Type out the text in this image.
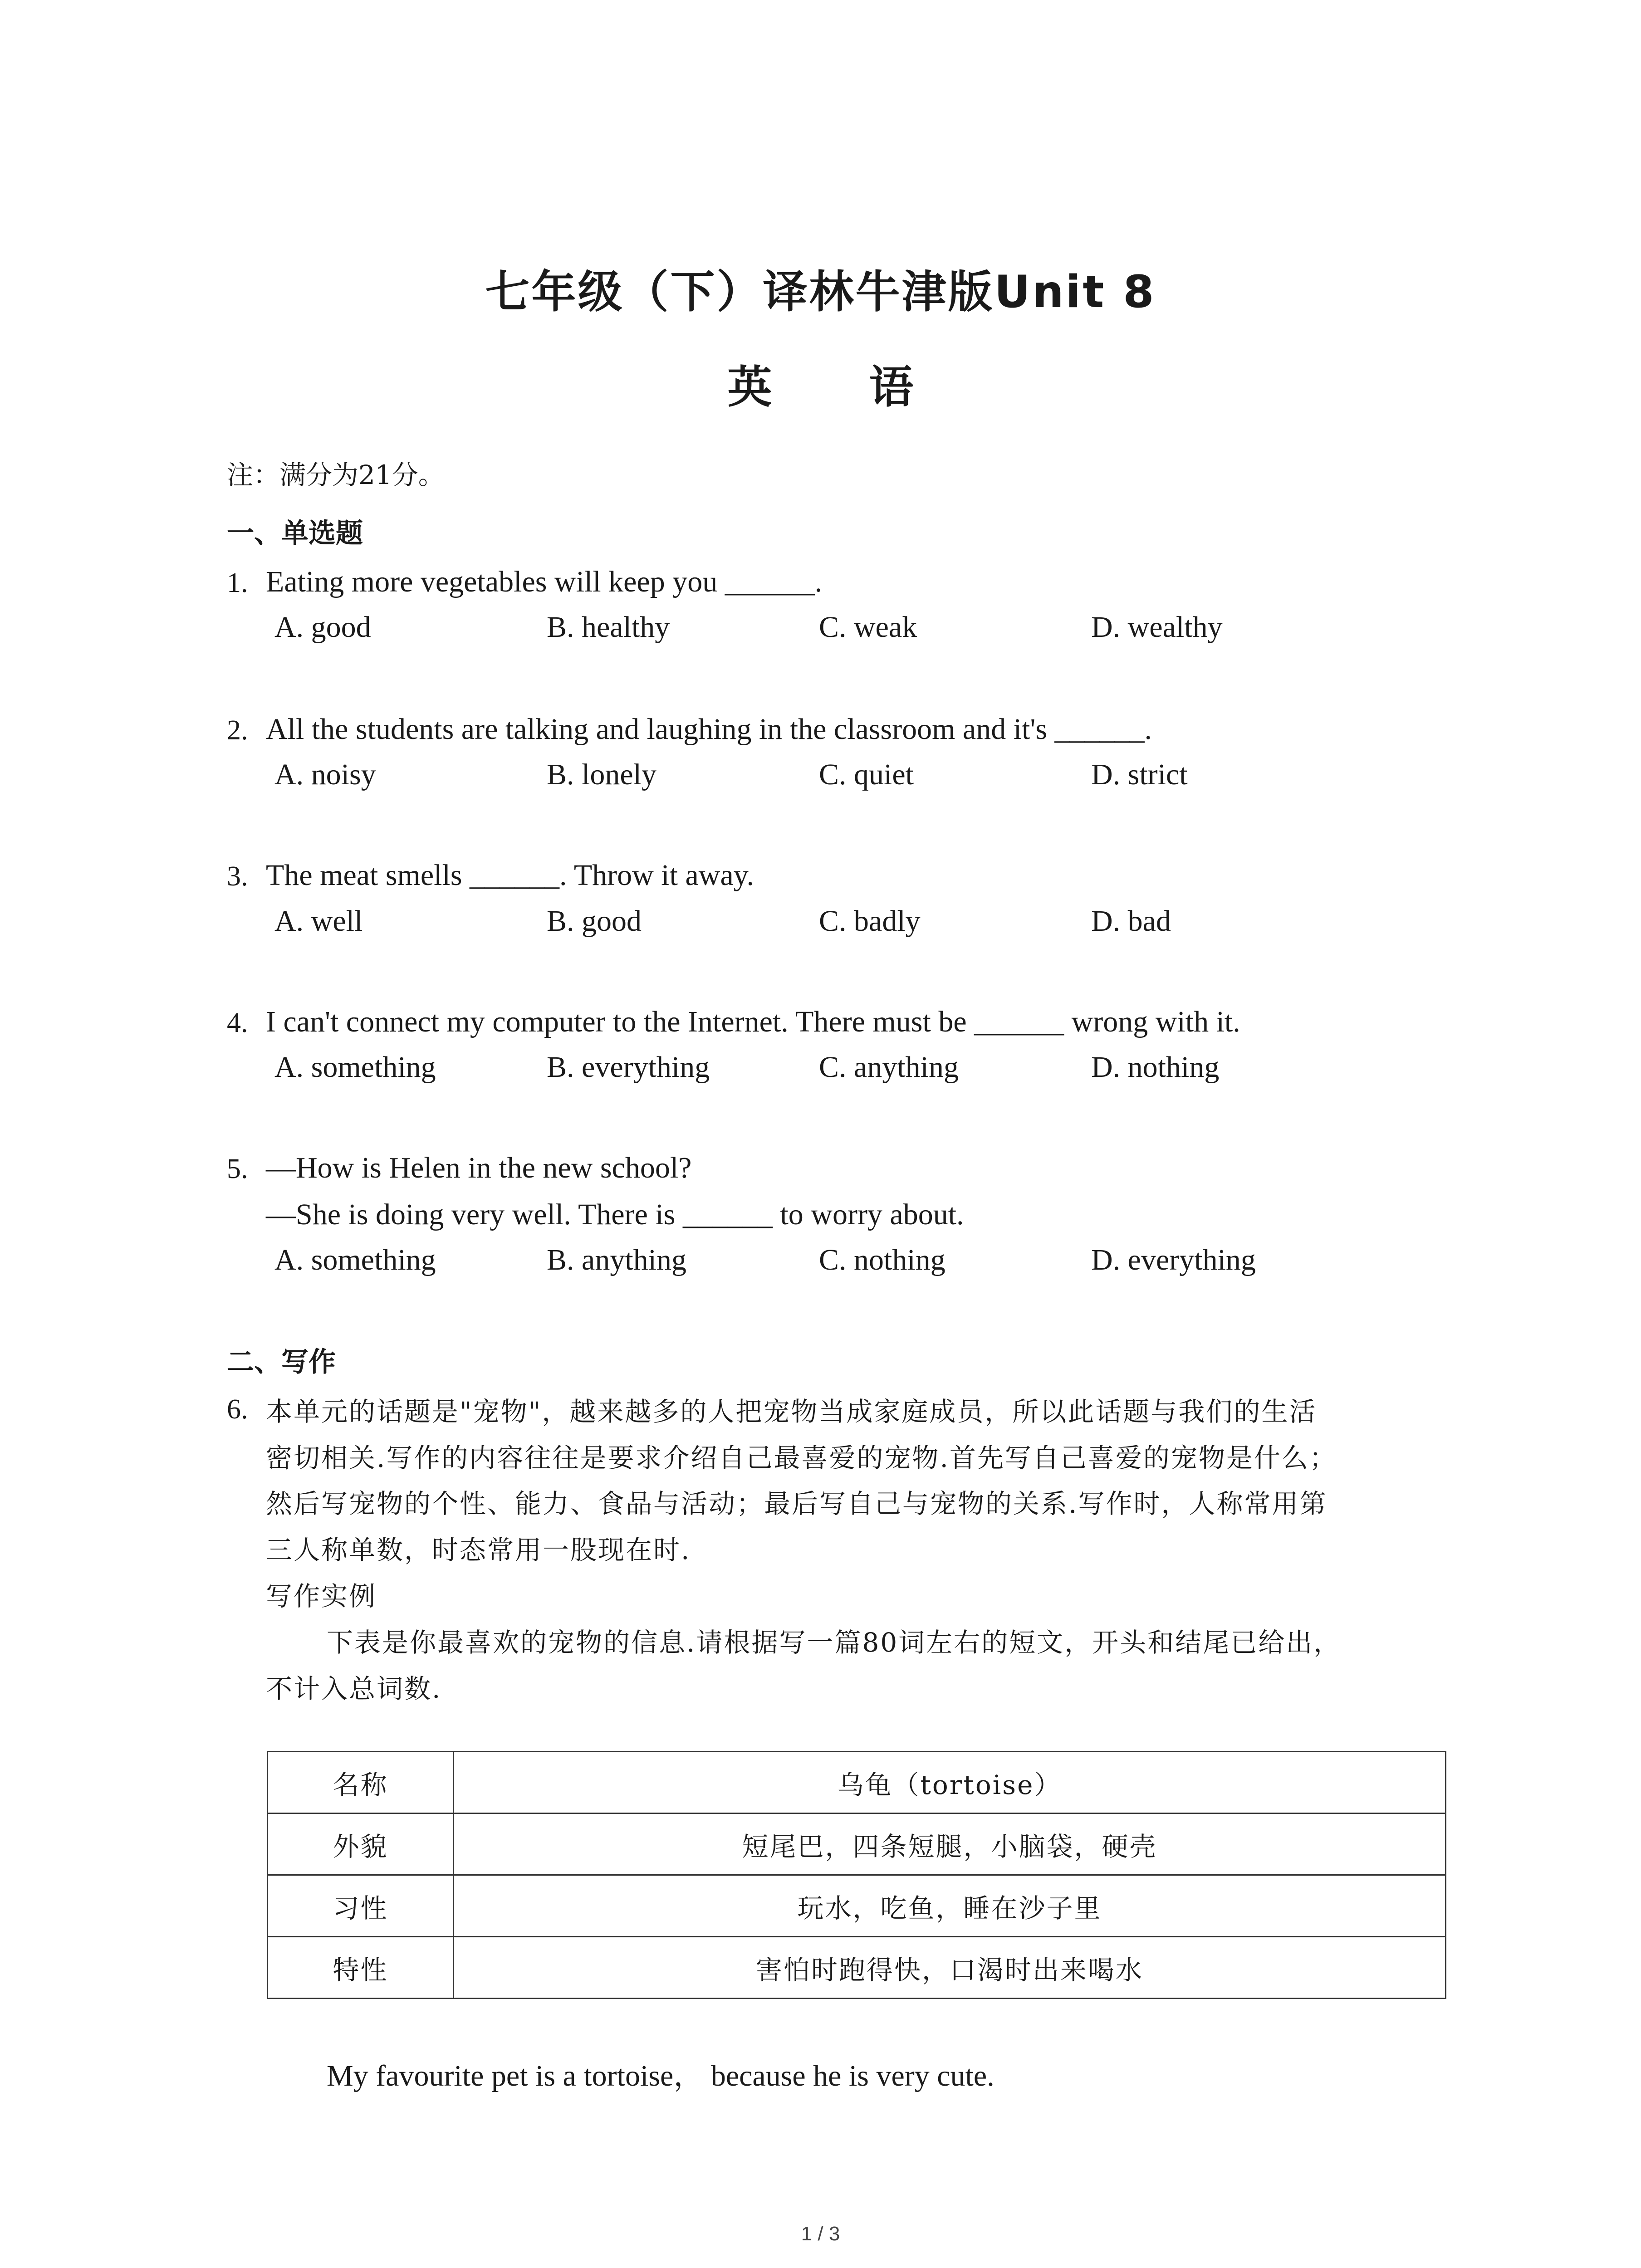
七年级（下）译林牛津版Unit 8
英 语
注：满分为21分。
一、单选题
1. Eating more vegetables will keep you ______.
A. good	B. healthy	C. weak	D. wealthy
2. All the students are talking and laughing in the classroom and it's ______.
A. noisy	B. lonely	C. quiet	D. strict
3. The meat smells ______. Throw it away.
A. well	B. good	C. badly	D. bad
4. I can't connect my computer to the Internet. There must be ______ wrong with it.
A. something	B. everything	C. anything	D. nothing
5. —How is Helen in the new school?
—She is doing very well. There is ______ to worry about.
A. something	B. anything	C. nothing	D. everything
二、写作
6. 本单元的话题是"宠物"，越来越多的人把宠物当成家庭成员，所以此话题与我们的生活
密切相关.写作的内容往往是要求介绍自己最喜爱的宠物.首先写自己喜爱的宠物是什么；
然后写宠物的个性、能力、食品与活动；最后写自己与宠物的关系.写作时，人称常用第
三人称单数，时态常用一股现在时.
写作实例
下表是你最喜欢的宠物的信息.请根据写一篇80词左右的短文，开头和结尾已给出，
不计入总词数.
名称	乌龟（tortoise）
外貌	短尾巴，四条短腿，小脑袋，硬壳
习性	玩水，吃鱼，睡在沙子里
特性	害怕时跑得快，口渴时出来喝水
My favourite pet is a tortoise， because he is very cute.
1 / 3
